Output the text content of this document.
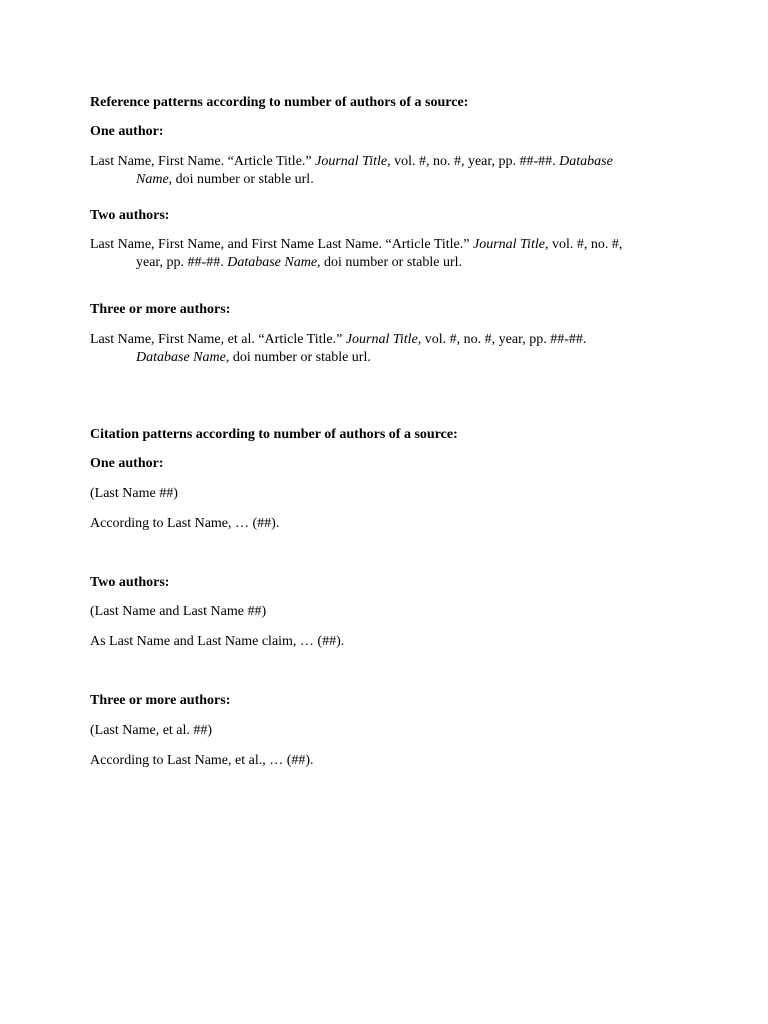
Reference patterns according to number of authors of a source:
One author:
Last Name, First Name. “Article Title.” Journal Title, vol. #, no. #, year, pp. ##-##. Database
Name, doi number or stable url.
Two authors:
Last Name, First Name, and First Name Last Name. “Article Title.” Journal Title, vol. #, no. #,
year, pp. ##-##. Database Name, doi number or stable url.
Three or more authors:
Last Name, First Name, et al. “Article Title.” Journal Title, vol. #, no. #, year, pp. ##-##.
Database Name, doi number or stable url.
Citation patterns according to number of authors of a source:
One author:
(Last Name ##)
According to Last Name, … (##).
Two authors:
(Last Name and Last Name ##)
As Last Name and Last Name claim, … (##).
Three or more authors:
(Last Name, et al. ##)
According to Last Name, et al., … (##).
